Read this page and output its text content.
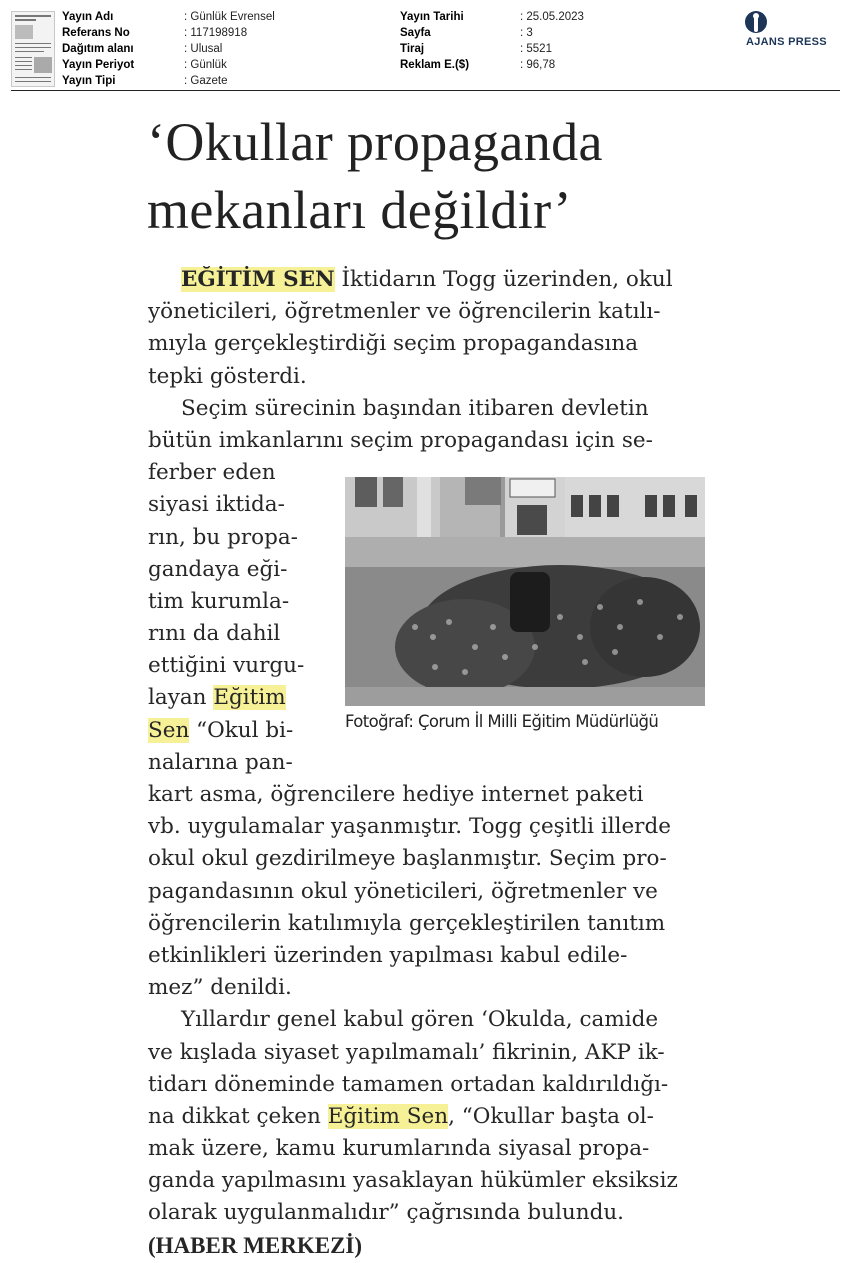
Yayın Adı	: Günlük Evrensel
Referans No	: 117198918
Dağıtım alanı	: Ulusal
Yayın Periyot	: Günlük
Yayın Tipi	: Gazete
Yayın Tarihi	: 25.05.2023
Sayfa	: 3
Tiraj	: 5521
Reklam E.($)	: 96,78
AJANS PRESS
‘Okullar propaganda
mekanları değildir’
EĞİTİM SEN İktidarın Togg üzerinden, okul
yöneticileri, öğretmenler ve öğrencilerin katılı-
mıyla gerçekleştirdiği seçim propagandasına
tepki gösterdi.
Seçim sürecinin başından itibaren devletin
bütün imkanlarını seçim propagandası için se-
ferber eden
siyasi iktida-
rın, bu propa-
gandaya eği-
tim kurumla-
rını da dahil
ettiğini vurgu-
layan Eğitim
Sen “Okul bi-
nalarına pan-
kart asma, öğrencilere hediye internet paketi
vb. uygulamalar yaşanmıştır. Togg çeşitli illerde
okul okul gezdirilmeye başlanmıştır. Seçim pro-
pagandasının okul yöneticileri, öğretmenler ve
öğrencilerin katılımıyla gerçekleştirilen tanıtım
etkinlikleri üzerinden yapılması kabul edile-
mez” denildi.
Yıllardır genel kabul gören ‘Okulda, camide
ve kışlada siyaset yapılmamalı’ fikrinin, AKP ik-
tidarı döneminde tamamen ortadan kaldırıldığı-
na dikkat çeken Eğitim Sen, “Okullar başta ol-
mak üzere, kamu kurumlarında siyasal propa-
ganda yapılmasını yasaklayan hükümler eksiksiz
olarak uygulanmalıdır” çağrısında bulundu.
(HABER MERKEZİ)
Fotoğraf: Çorum İl Milli Eğitim Müdürlüğü
